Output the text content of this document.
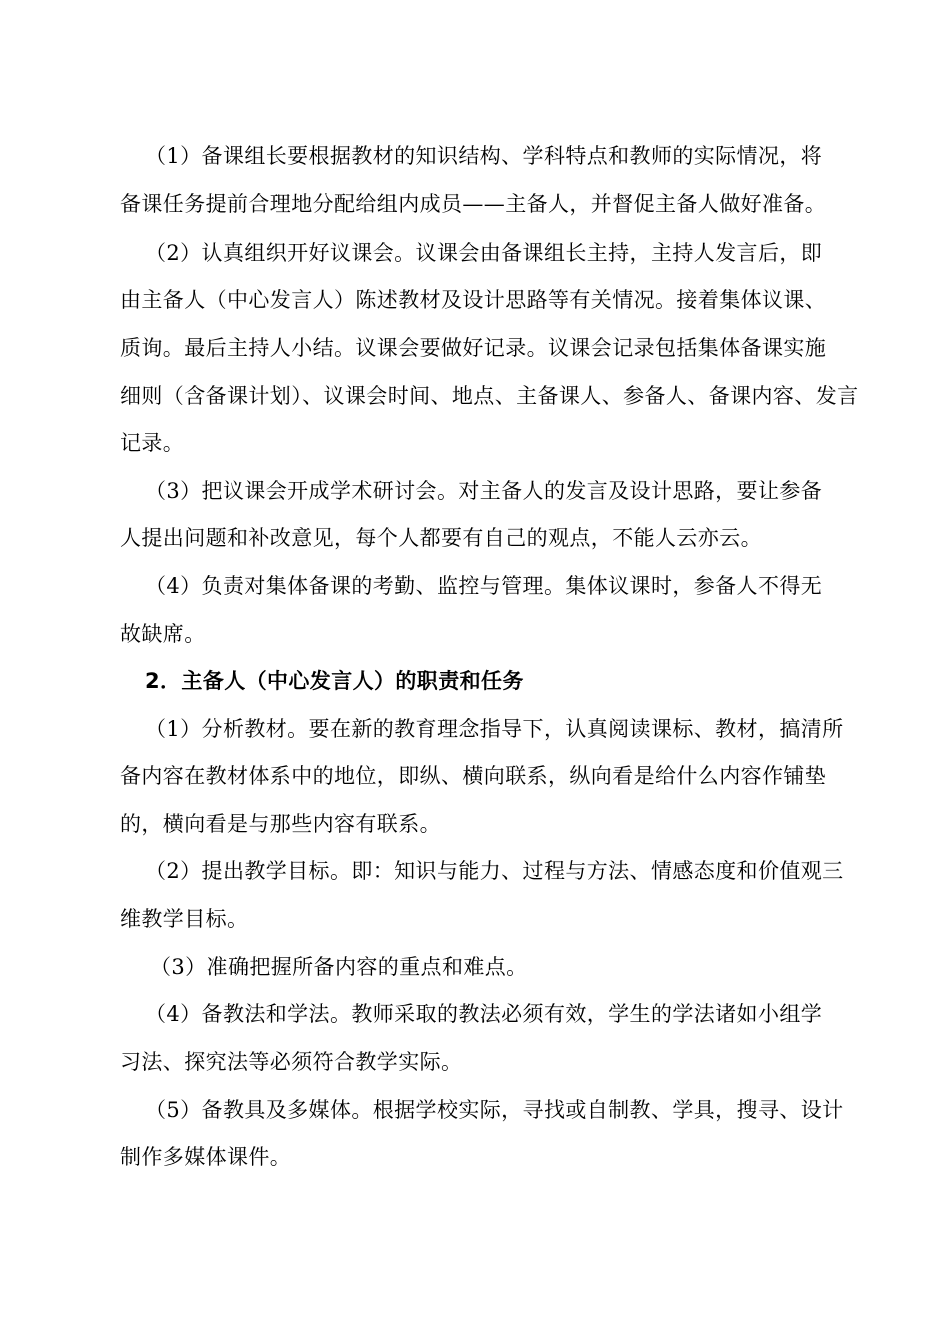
（1）备课组长要根据教材的知识结构、学科特点和教师的实际情况，将
备课任务提前合理地分配给组内成员——主备人，并督促主备人做好准备。
（2）认真组织开好议课会。议课会由备课组长主持，主持人发言后，即
由主备人（中心发言人）陈述教材及设计思路等有关情况。接着集体议课、
质询。最后主持人小结。议课会要做好记录。议课会记录包括集体备课实施
细则（含备课计划）、议课会时间、地点、主备课人、参备人、备课内容、发言
记录。
（3）把议课会开成学术研讨会。对主备人的发言及设计思路，要让参备
人提出问题和补改意见，每个人都要有自己的观点，不能人云亦云。
（4）负责对集体备课的考勤、监控与管理。集体议课时，参备人不得无
故缺席。
2．主备人（中心发言人）的职责和任务
（1）分析教材。要在新的教育理念指导下，认真阅读课标、教材，搞清所
备内容在教材体系中的地位，即纵、横向联系，纵向看是给什么内容作铺垫
的，横向看是与那些内容有联系。
（2）提出教学目标。即：知识与能力、过程与方法、情感态度和价值观三
维教学目标。
（3）准确把握所备内容的重点和难点。
（4）备教法和学法。教师采取的教法必须有效，学生的学法诸如小组学
习法、探究法等必须符合教学实际。
（5）备教具及多媒体。根据学校实际，寻找或自制教、学具，搜寻、设计
制作多媒体课件。
